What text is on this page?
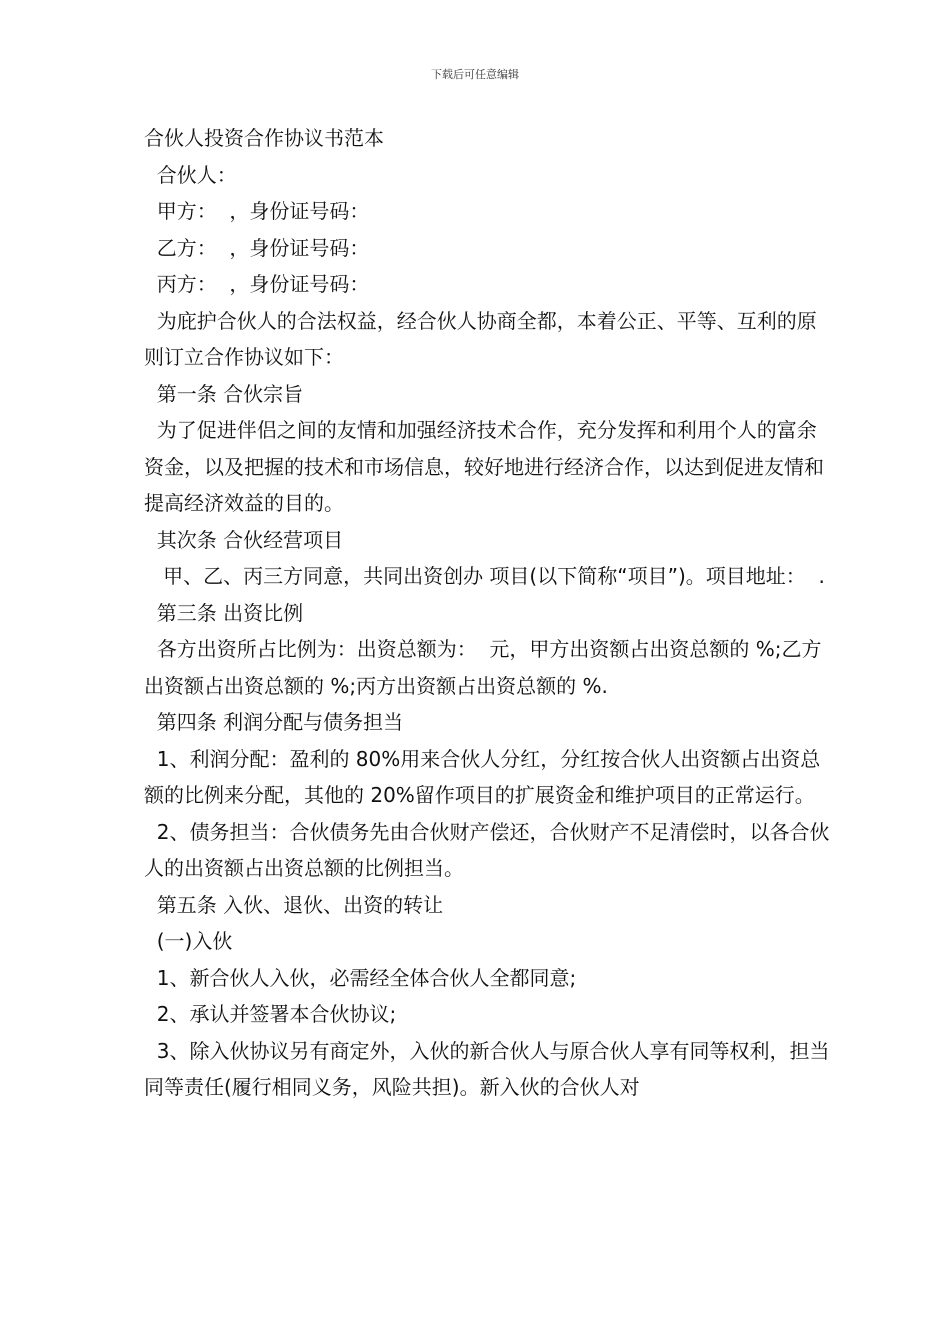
下载后可任意编辑

合伙人投资合作协议书范本

合伙人：

甲方：  ，身份证号码：

乙方：  ，身份证号码：

丙方：  ，身份证号码：

为庇护合伙人的合法权益，经合伙人协商全都，本着公正、平等、互利的原则订立合作协议如下：

第一条 合伙宗旨

为了促进伴侣之间的友情和加强经济技术合作，充分发挥和利用个人的富余资金，以及把握的技术和市场信息，较好地进行经济合作，以达到促进友情和提高经济效益的目的。

其次条 合伙经营项目

甲、乙、丙三方同意，共同出资创办 项目(以下简称“项目”)。项目地址：  .

第三条 出资比例

各方出资所占比例为：出资总额为：  元，甲方出资额占出资总额的 %;乙方出资额占出资总额的 %;丙方出资额占出资总额的 %.

第四条 利润分配与债务担当

1、利润分配：盈利的 80%用来合伙人分红，分红按合伙人出资额占出资总额的比例来分配，其他的 20%留作项目的扩展资金和维护项目的正常运行。

2、债务担当：合伙债务先由合伙财产偿还，合伙财产不足清偿时，以各合伙人的出资额占出资总额的比例担当。

第五条 入伙、退伙、出资的转让

(一)入伙

1、新合伙人入伙，必需经全体合伙人全都同意;

2、承认并签署本合伙协议;

3、除入伙协议另有商定外，入伙的新合伙人与原合伙人享有同等权利，担当同等责任(履行相同义务，风险共担)。新入伙的合伙人对
